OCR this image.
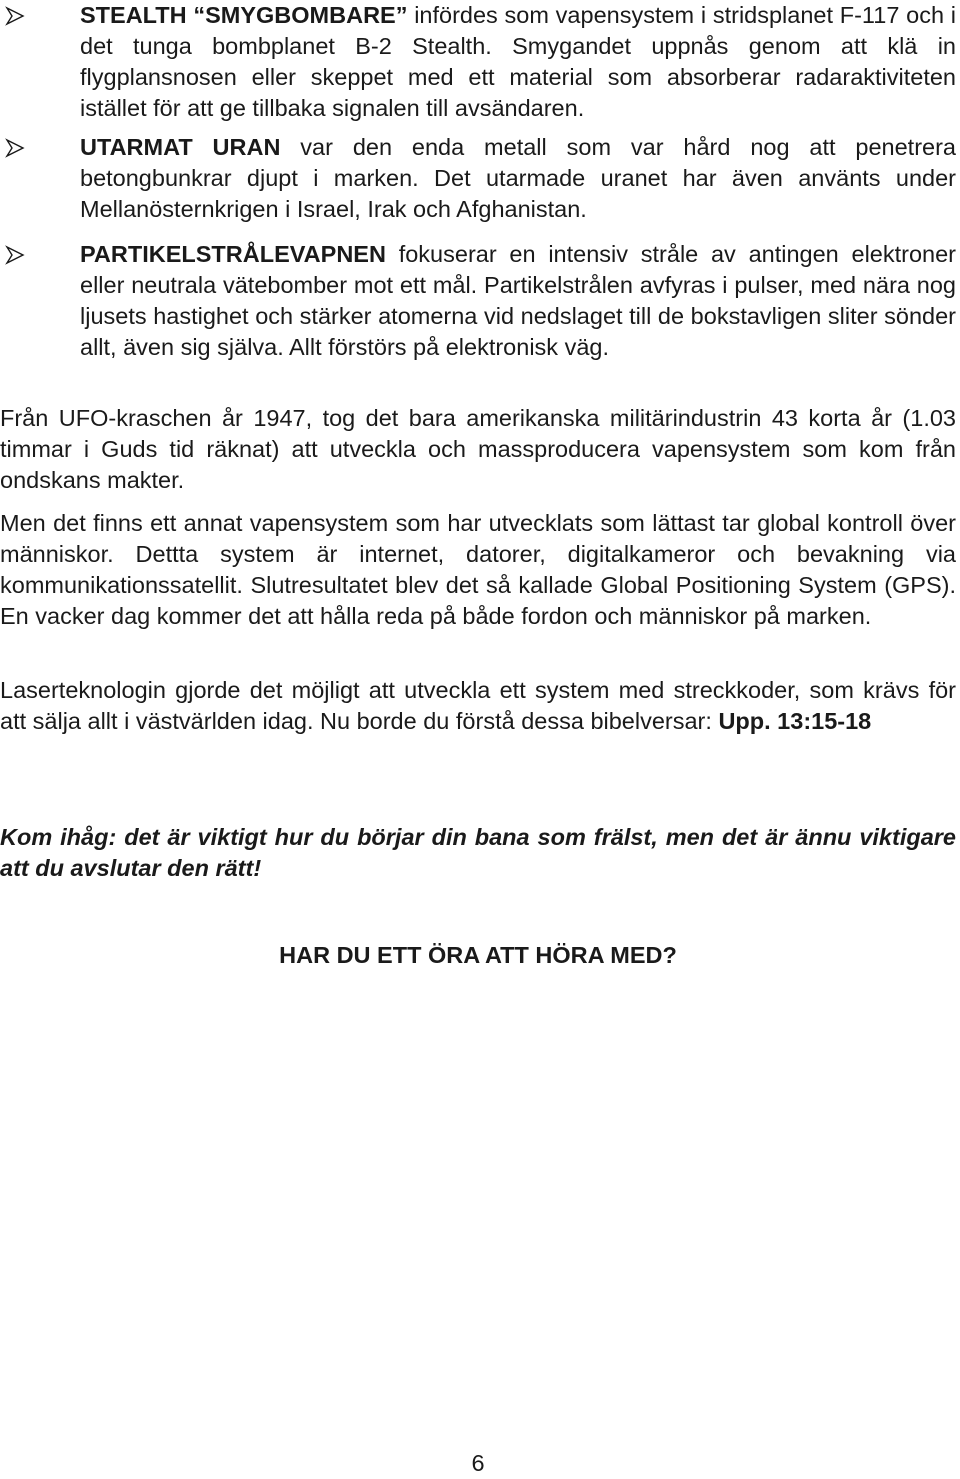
STEALTH “SMYGBOMBARE” infördes som vapensystem i stridsplanet F-117 och i det tunga bombplanet B-2 Stealth. Smygandet uppnås genom att klä in flygplansnosen eller skeppet med ett material som absorberar radaraktiviteten istället för att ge tillbaka signalen till avsändaren.
UTARMAT URAN var den enda metall som var hård nog att penetrera betongbunkrar djupt i marken. Det utarmade uranet har även använts under Mellanösternkrigen i Israel, Irak och Afghanistan.
PARTIKELSTRÅLEVAPNEN fokuserar en intensiv stråle av antingen elektroner eller neutrala vätebomber mot ett mål. Partikelstrålen avfyras i pulser, med nära nog ljusets hastighet och stärker atomerna vid nedslaget till de bokstavligen sliter sönder allt, även sig själva. Allt förstörs på elektronisk väg.

Från UFO-kraschen år 1947, tog det bara amerikanska militärindustrin 43 korta år (1.03 timmar i Guds tid räknat) att utveckla och massproducera vapensystem som kom från ondskans makter.

Men det finns ett annat vapensystem som har utvecklats som lättast tar global kontroll över människor. Dettta system är internet, datorer, digitalkameror och bevakning via kommunikationssatellit. Slutresultatet blev det så kallade Global Positioning System (GPS). En vacker dag kommer det att hålla reda på både fordon och människor på marken.

Laserteknologin gjorde det möjligt att utveckla ett system med streckkoder, som krävs för att sälja allt i västvärlden idag. Nu borde du förstå dessa bibelversar: Upp. 13:15-18

Kom ihåg: det är viktigt hur du börjar din bana som frälst, men det är ännu viktigare att du avslutar den rätt!

HAR DU ETT ÖRA ATT HÖRA MED?
6
